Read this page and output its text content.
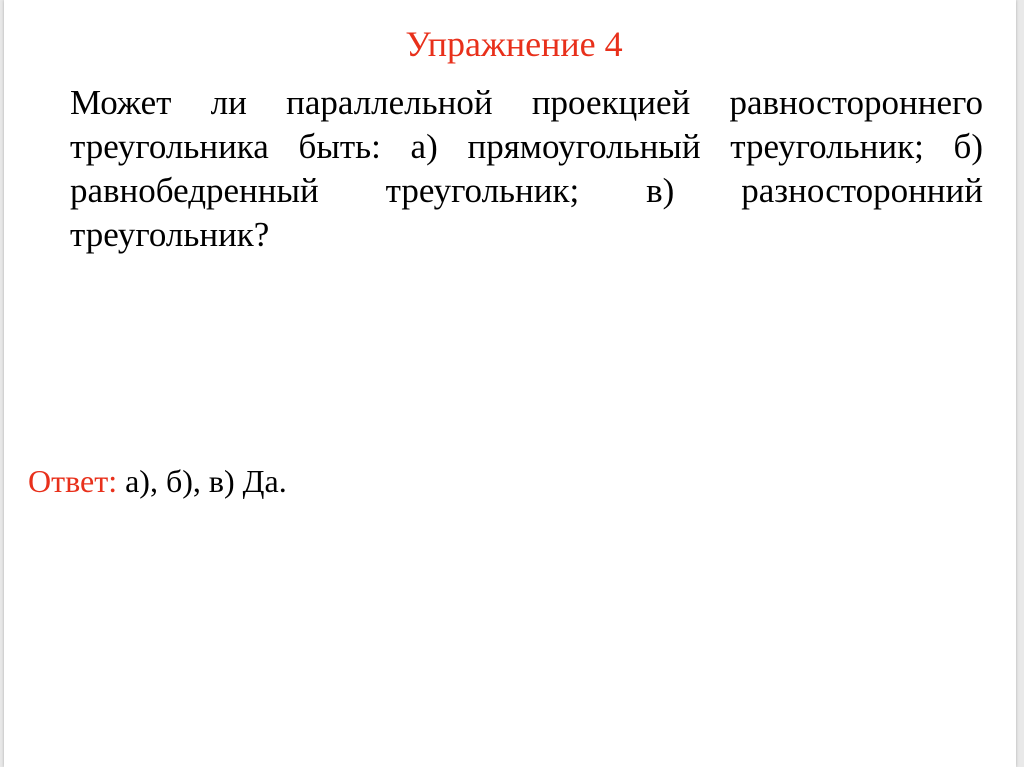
Упражнение 4
Может ли параллельной проекцией равностороннего треугольника быть: а) прямоугольный треугольник; б) равнобедренный треугольник; в) разносторонний треугольник?
Ответ: а), б), в) Да.
